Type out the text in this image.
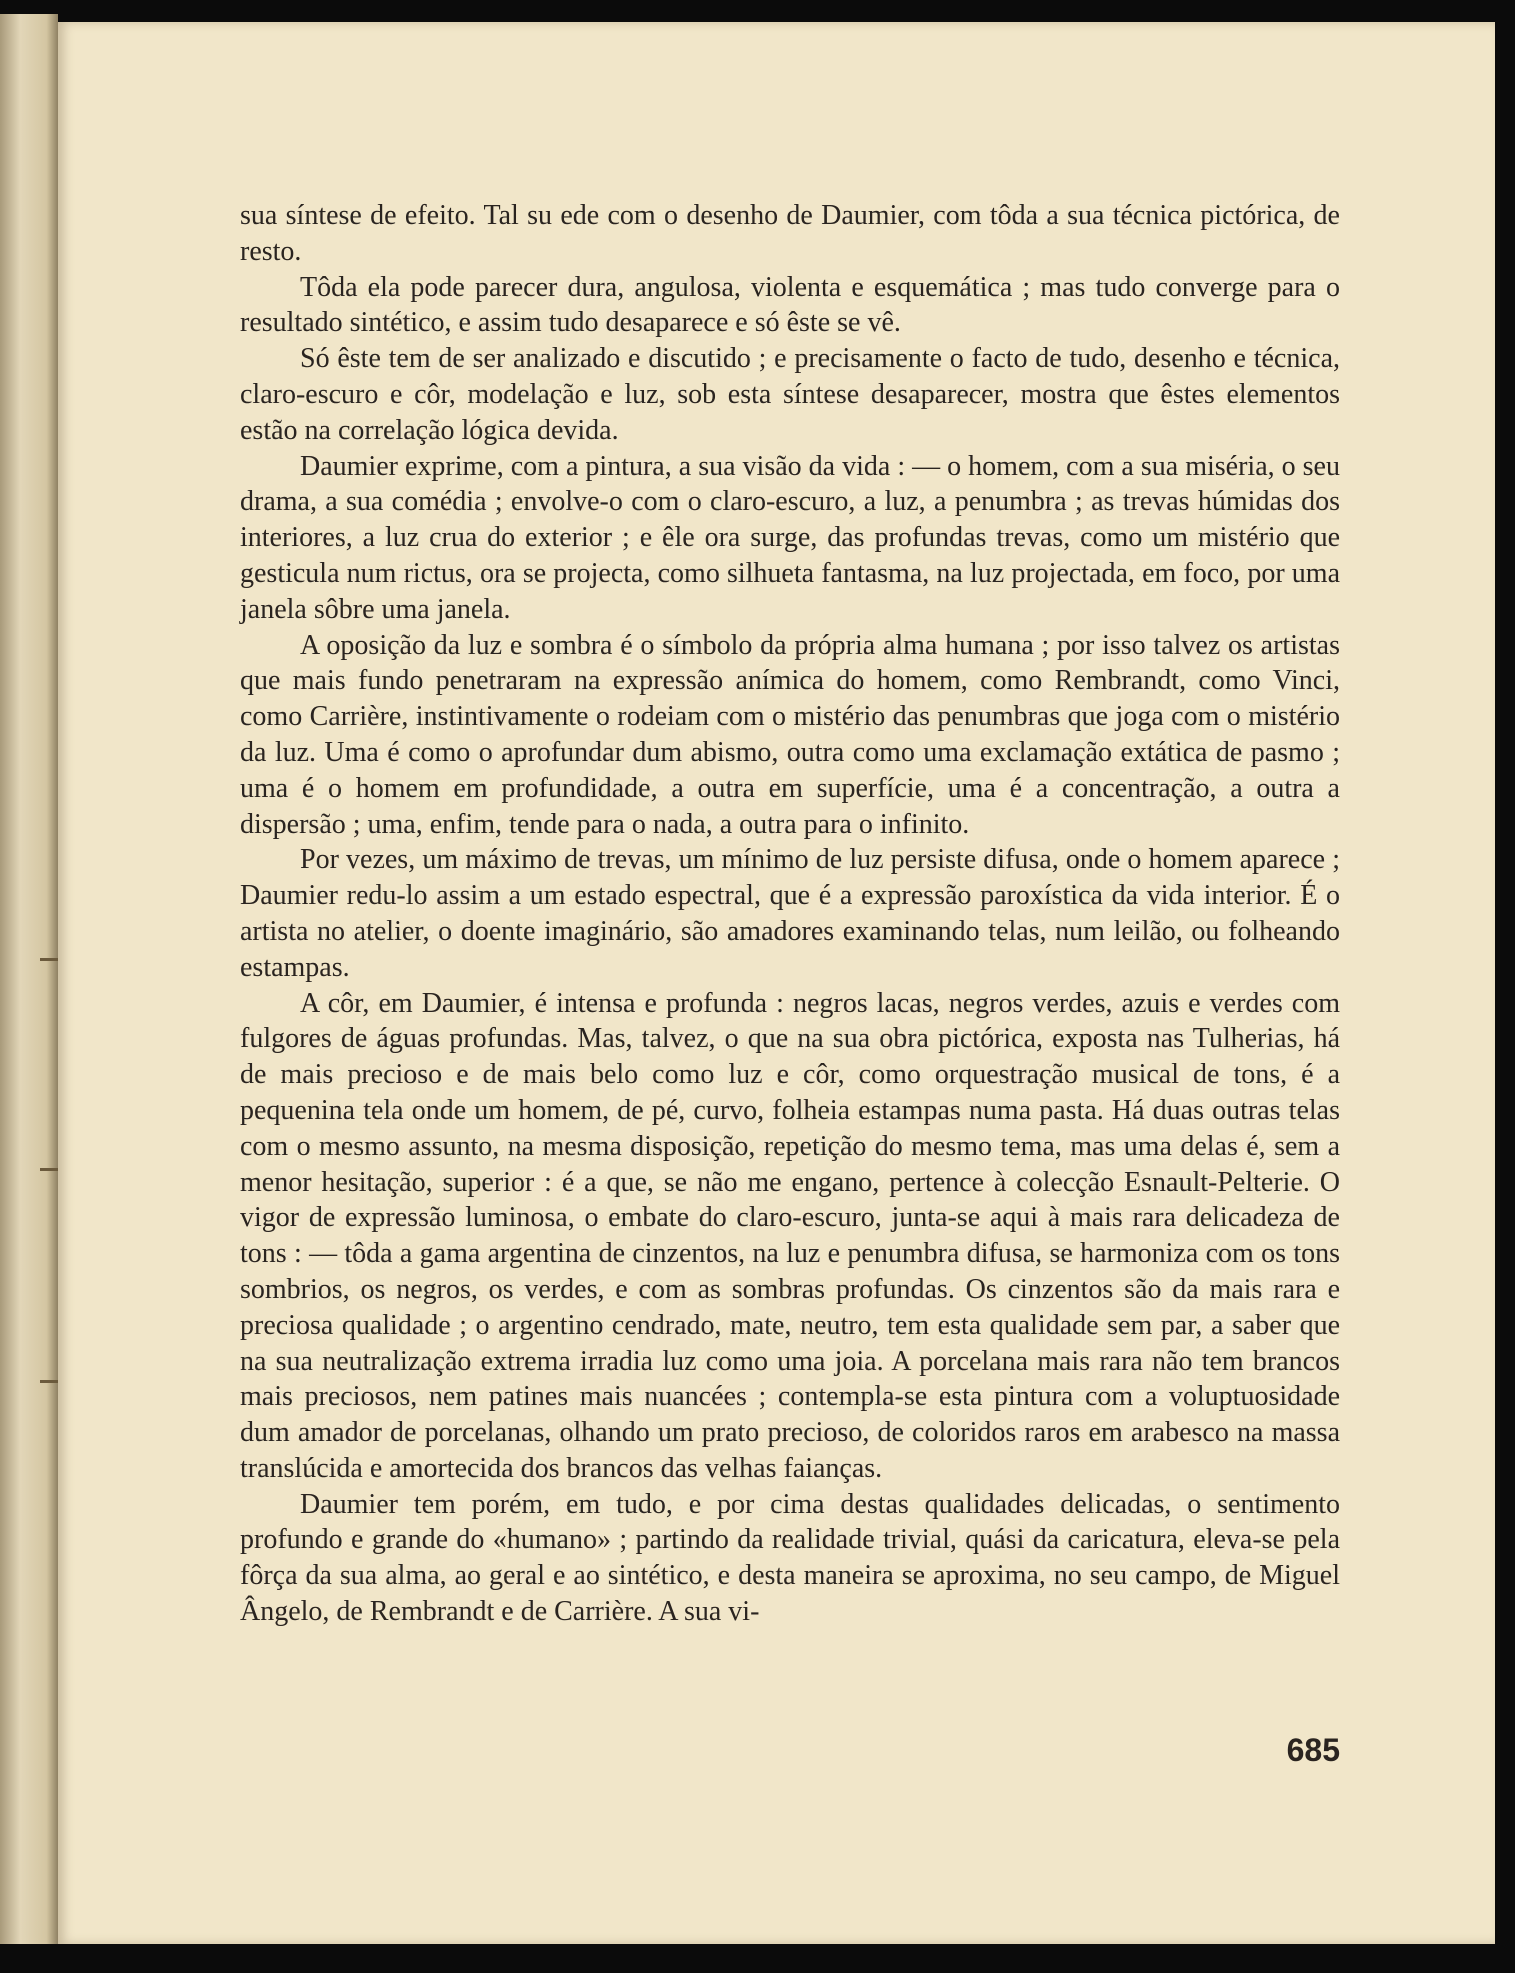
sua síntese de efeito. Tal su ede com o desenho de Daumier, com tôda a sua técnica pictórica, de resto.

Tôda ela pode parecer dura, angulosa, violenta e esquemática ; mas tudo converge para o resultado sintético, e assim tudo desaparece e só êste se vê.

Só êste tem de ser analizado e discutido ; e precisamente o facto de tudo, desenho e técnica, claro-escuro e côr, modelação e luz, sob esta síntese desaparecer, mostra que êstes elementos estão na correlação lógica devida.

Daumier exprime, com a pintura, a sua visão da vida : — o homem, com a sua miséria, o seu drama, a sua comédia ; envolve-o com o claro-escuro, a luz, a penumbra ; as trevas húmidas dos interiores, a luz crua do exterior ; e êle ora surge, das profundas trevas, como um mistério que gesticula num rictus, ora se projecta, como silhueta fantasma, na luz projectada, em foco, por uma janela sôbre uma janela.

A oposição da luz e sombra é o símbolo da própria alma humana ; por isso talvez os artistas que mais fundo penetraram na expressão anímica do homem, como Rembrandt, como Vinci, como Carrière, instintivamente o rodeiam com o mistério das penumbras que joga com o mistério da luz. Uma é como o aprofundar dum abismo, outra como uma exclamação extática de pasmo ; uma é o homem em profundidade, a outra em superfície, uma é a concentração, a outra a dispersão ; uma, enfim, tende para o nada, a outra para o infinito.

Por vezes, um máximo de trevas, um mínimo de luz persiste difusa, onde o homem aparece ; Daumier redu-lo assim a um estado espectral, que é a expressão paroxística da vida interior. É o artista no atelier, o doente imaginário, são amadores examinando telas, num leilão, ou folheando estampas.

A côr, em Daumier, é intensa e profunda : negros lacas, negros verdes, azuis e verdes com fulgores de águas profundas. Mas, talvez, o que na sua obra pictórica, exposta nas Tulherias, há de mais precioso e de mais belo como luz e côr, como orquestração musical de tons, é a pequenina tela onde um homem, de pé, curvo, folheia estampas numa pasta. Há duas outras telas com o mesmo assunto, na mesma disposição, repetição do mesmo tema, mas uma delas é, sem a menor hesitação, superior : é a que, se não me engano, pertence à colecção Esnault-Pelterie. O vigor de expressão luminosa, o embate do claro-escuro, junta-se aqui à mais rara delicadeza de tons : — tôda a gama argentina de cinzentos, na luz e penumbra difusa, se harmoniza com os tons sombrios, os negros, os verdes, e com as sombras profundas. Os cinzentos são da mais rara e preciosa qualidade ; o argentino cendrado, mate, neutro, tem esta qualidade sem par, a saber que na sua neutralização extrema irradia luz como uma joia. A porcelana mais rara não tem brancos mais preciosos, nem patines mais nuancées ; contempla-se esta pintura com a voluptuosidade dum amador de porcelanas, olhando um prato precioso, de coloridos raros em arabesco na massa translúcida e amortecida dos brancos das velhas faianças.

Daumier tem porém, em tudo, e por cima destas qualidades delicadas, o sentimento profundo e grande do «humano» ; partindo da realidade trivial, quási da caricatura, eleva-se pela fôrça da sua alma, ao geral e ao sintético, e desta maneira se aproxima, no seu campo, de Miguel Ângelo, de Rembrandt e de Carrière. A sua vi-

685
